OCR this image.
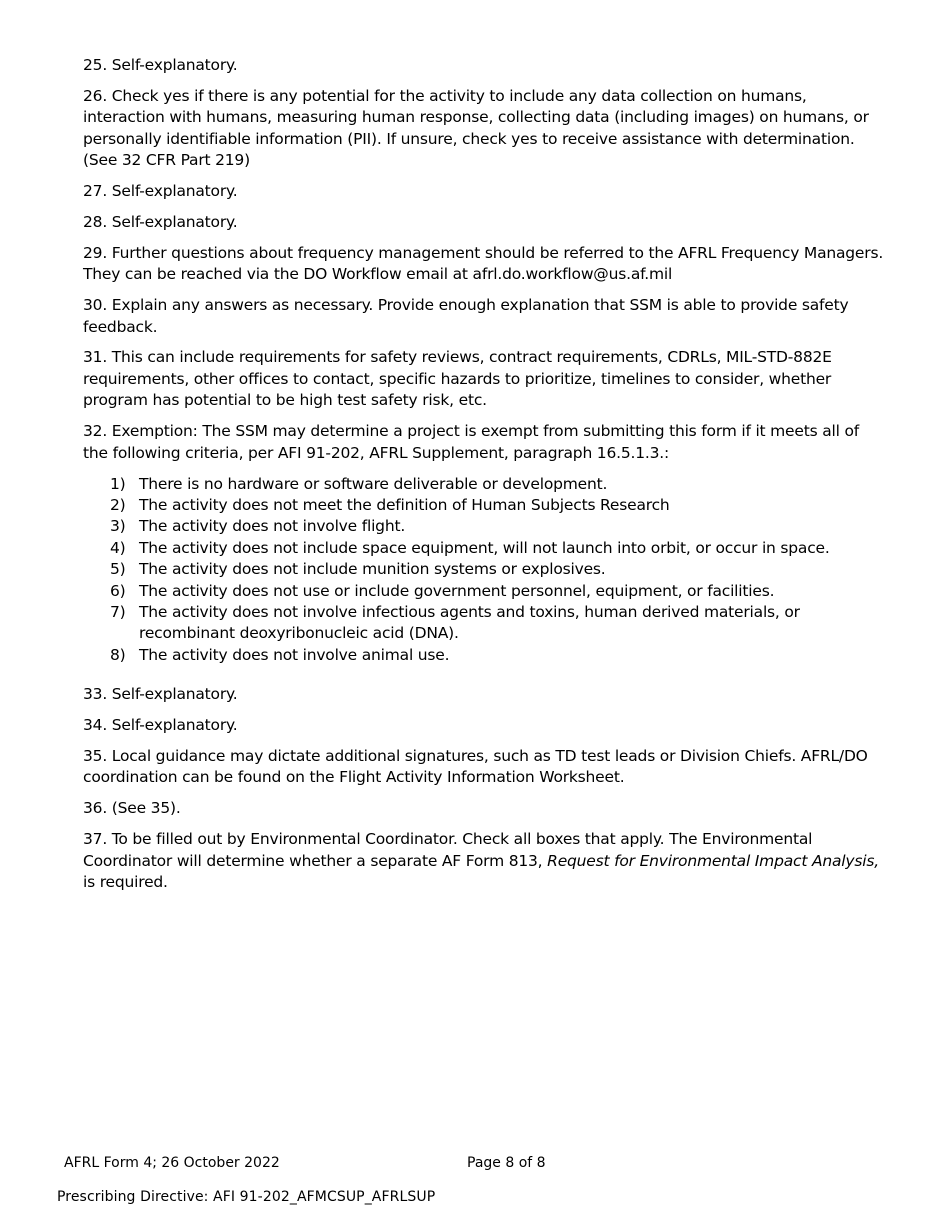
25. Self-explanatory.

26. Check yes if there is any potential for the activity to include any data collection on humans, interaction with humans, measuring human response, collecting data (including images) on humans, or personally identifiable information (PII). If unsure, check yes to receive assistance with determination. (See 32 CFR Part 219)

27. Self-explanatory.

28. Self-explanatory.

29. Further questions about frequency management should be referred to the AFRL Frequency Managers. They can be reached via the DO Workflow email at afrl.do.workflow@us.af.mil

30. Explain any answers as necessary. Provide enough explanation that SSM is able to provide safety feedback.

31. This can include requirements for safety reviews, contract requirements, CDRLs, MIL-STD-882E requirements, other offices to contact, specific hazards to prioritize, timelines to consider, whether program has potential to be high test safety risk, etc.

32. Exemption: The SSM may determine a project is exempt from submitting this form if it meets all of the following criteria, per AFI 91-202, AFRL Supplement, paragraph 16.5.1.3.:

1) There is no hardware or software deliverable or development.
2) The activity does not meet the definition of Human Subjects Research
3) The activity does not involve flight.
4) The activity does not include space equipment, will not launch into orbit, or occur in space.
5) The activity does not include munition systems or explosives.
6) The activity does not use or include government personnel, equipment, or facilities.
7) The activity does not involve infectious agents and toxins, human derived materials, or recombinant deoxyribonucleic acid (DNA).
8) The activity does not involve animal use.

33. Self-explanatory.

34. Self-explanatory.

35. Local guidance may dictate additional signatures, such as TD test leads or Division Chiefs. AFRL/DO coordination can be found on the Flight Activity Information Worksheet.

36. (See 35).

37. To be filled out by Environmental Coordinator. Check all boxes that apply. The Environmental Coordinator will determine whether a separate AF Form 813, Request for Environmental Impact Analysis, is required.

AFRL Form 4; 26 October 2022	Page 8 of 8
Prescribing Directive: AFI 91-202_AFMCSUP_AFRLSUP
